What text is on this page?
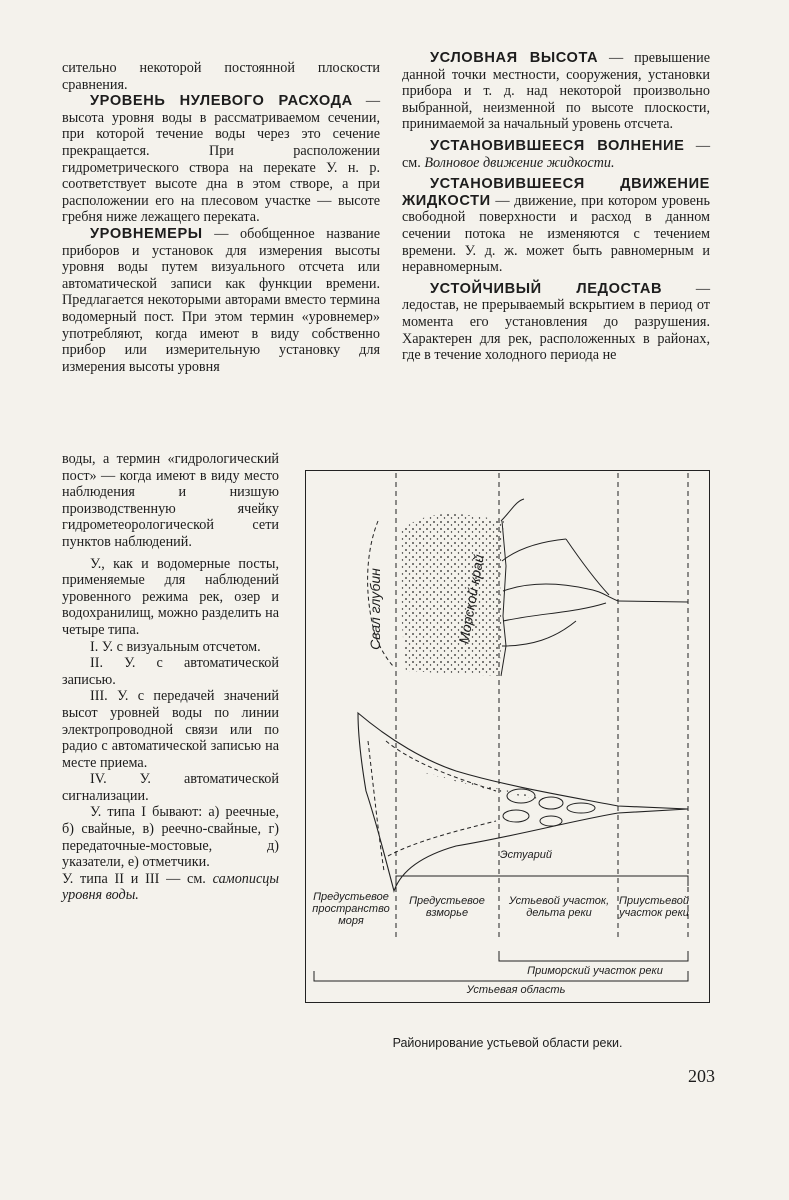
сительно некоторой постоянной плоскости сравнения.

УРОВЕНЬ НУЛЕВОГО РАСХОДА — высота уровня воды в рассматриваемом сечении, при которой течение воды через это сечение прекращается. При расположении гидрометрического створа на перекате У. н. р. соответствует высоте дна в этом створе, а при расположении его на плесовом участке — высоте гребня ниже лежащего переката.

УРОВНЕМЕРЫ — обобщенное название приборов и установок для измерения высоты уровня воды путем визуального отсчета или автоматической записи как функции времени. Предлагается некоторыми авторами вместо термина водомерный пост. При этом термин «уровнемер» употребляют, когда имеют в виду собственно прибор или измерительную установку для измерения высоты уровня

воды, а термин «гидрологический пост» — когда имеют в виду место наблюдения и низшую производственную ячейку гидрометеорологической сети пунктов наблюдений.

У., как и водомерные посты, применяемые для наблюдений уровенного режима рек, озер и водохранилищ, можно разделить на четыре типа.

I. У. с визуальным отсчетом.

II. У. с автоматической записью.

III. У. с передачей значений высот уровней воды по линии электропроводной связи или по радио с автоматической записью на месте приема.

IV. У. автоматической сигнализации.

У. типа I бывают: а) реечные, б) свайные, в) реечно-свайные, г) передаточные-мостовые, д) указатели, е) отметчики.

У. типа II и III — см. самописцы уровня воды.

УСЛОВНАЯ ВЫСОТА — превышение данной точки местности, сооружения, установки прибора и т. д. над некоторой произвольно выбранной, неизменной по высоте плоскости, принимаемой за начальный уровень отсчета.

УСТАНОВИВШЕЕСЯ ВОЛНЕНИЕ — см. Волновое движение жидкости.

УСТАНОВИВШЕЕСЯ ДВИЖЕНИЕ ЖИДКОСТИ — движение, при котором уровень свободной поверхности и расход в данном сечении потока не изменяются с течением времени. У. д. ж. может быть равномерным и неравномерным.

УСТОЙЧИВЫЙ ЛЕДОСТАВ — ледостав, не прерываемый вскрытием в период от момента его установления до разрушения. Характерен для рек, расположенных в районах, где в течение холодного периода не

Свал глубин	Морской край
Эстуарий
Предустьевое пространство моря
Предустьевое взморье
Устьевой участок, дельта реки
Приустьевой участок реки
Приморский участок реки
Устьевая область
Районирование устьевой области реки.
203
